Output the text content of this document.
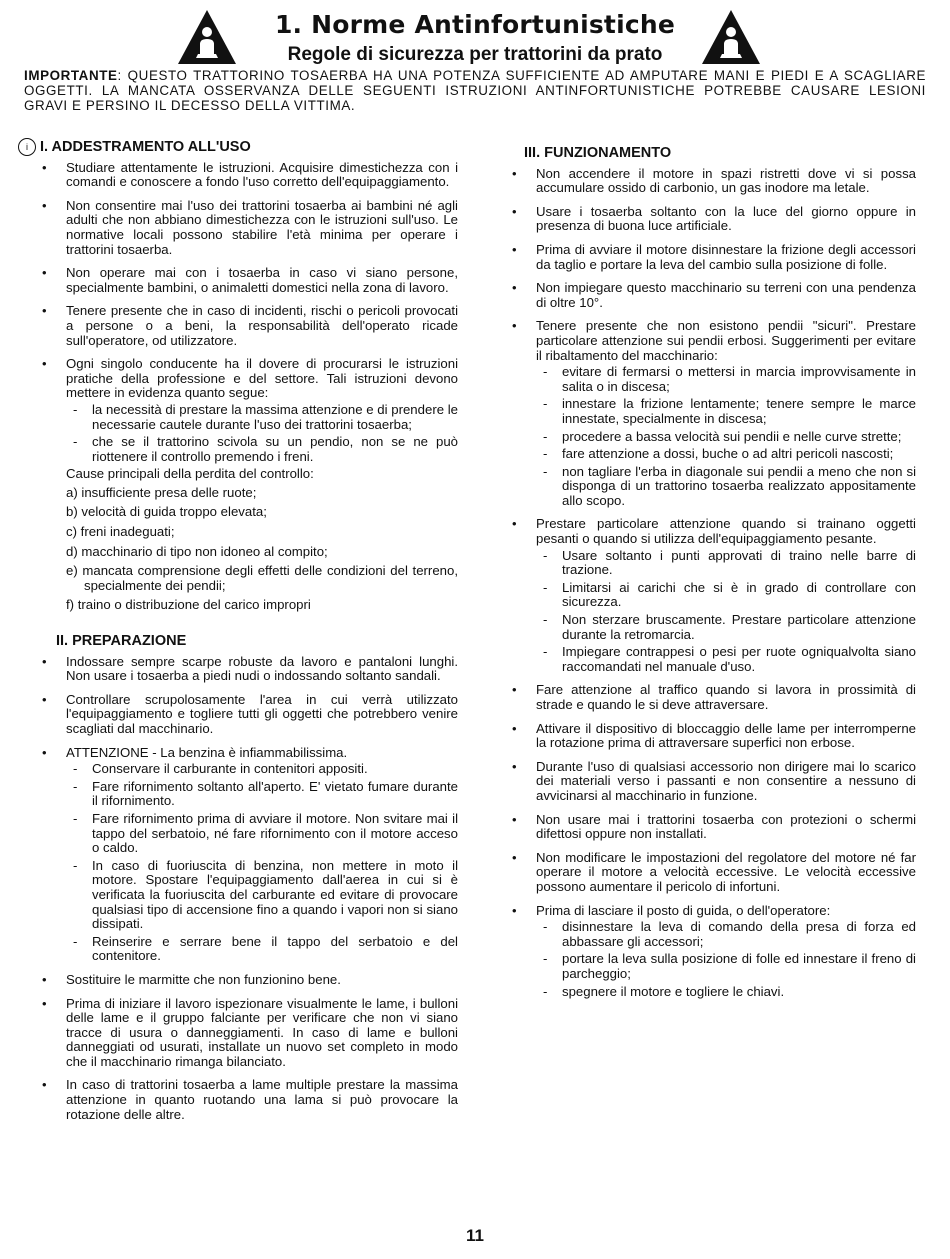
1. Norme Antinfortunistiche
Regole di sicurezza per trattorini da prato
IMPORTANTE: QUESTO TRATTORINO TOSAERBA HA UNA POTENZA SUFFICIENTE AD AMPUTARE MANI E PIEDI E A SCAGLIARE OGGETTI. LA MANCATA OSSERVANZA DELLE SEGUENTI ISTRUZIONI ANTINFORTUNISTICHE POTREBBE CAUSARE LESIONI GRAVI E PERSINO IL DECESSO DELLA VITTIMA.
i I. ADDESTRAMENTO ALL'USO
• Studiare attentamente le istruzioni. Acquisire dimestichezza con i comandi e conoscere a fondo l'uso corretto dell'equipaggiamento.
• Non consentire mai l'uso dei trattorini tosaerba ai bambini né agli adulti che non abbiano dimestichezza con le istruzioni sull'uso. Le normative locali possono stabilire l'età minima per operare i trattorini tosaerba.
• Non operare mai con i tosaerba in caso vi siano persone, specialmente bambini, o animaletti domestici nella zona di lavoro.
• Tenere presente che in caso di incidenti, rischi o pericoli provocati a persone o a beni, la responsabilità dell'operato ricade sull'operatore, od utilizzatore.
• Ogni singolo conducente ha il dovere di procurarsi le istruzioni pratiche della professione e del settore. Tali istruzioni devono mettere in evidenza quanto segue:
- la necessità di prestare la massima attenzione e di prendere le necessarie cautele durante l'uso dei trattorini tosaerba;
- che se il trattorino scivola su un pendio, non se ne può riottenere il controllo premendo i freni.
Cause principali della perdita del controllo:
a) insufficiente presa delle ruote;
b) velocità di guida troppo elevata;
c) freni inadeguati;
d) macchinario di tipo non idoneo al compito;
e) mancata comprensione degli effetti delle condizioni del terreno, specialmente dei pendii;
f) traino o distribuzione del carico impropri
II. PREPARAZIONE
• Indossare sempre scarpe robuste da lavoro e pantaloni lunghi. Non usare i tosaerba a piedi nudi o indossando soltanto sandali.
• Controllare scrupolosamente l'area in cui verrà utilizzato l'equipaggiamento e togliere tutti gli oggetti che potrebbero venire scagliati dal macchinario.
• ATTENZIONE - La benzina è infiammabilissima.
- Conservare il carburante in contenitori appositi.
- Fare rifornimento soltanto all'aperto. E' vietato fumare durante il rifornimento.
- Fare rifornimento prima di avviare il motore. Non svitare mai il tappo del serbatoio, né fare rifornimento con il motore acceso o caldo.
- In caso di fuoriuscita di benzina, non mettere in moto il motore. Spostare l'equipaggiamento dall'aerea in cui si è verificata la fuoriuscita del carburante ed evitare di provocare qualsiasi tipo di accensione fino a quando i vapori non si siano dissipati.
- Reinserire e serrare bene il tappo del serbatoio e del contenitore.
• Sostituire le marmitte che non funzionino bene.
• Prima di iniziare il lavoro ispezionare visualmente le lame, i bulloni delle lame e il gruppo falciante per verificare che non vi siano tracce di usura o danneggiamenti. In caso di lame e bulloni danneggiati od usurati, installate un nuovo set completo in modo che il macchinario rimanga bilanciato.
• In caso di trattorini tosaerba a lame multiple prestare la massima attenzione in quanto ruotando una lama si può provocare la rotazione delle altre.
III. FUNZIONAMENTO
• Non accendere il motore in spazi ristretti dove vi si possa accumulare ossido di carbonio, un gas inodore ma letale.
• Usare i tosaerba soltanto con la luce del giorno oppure in presenza di buona luce artificiale.
• Prima di avviare il motore disinnestare la frizione degli accessori da taglio e portare la leva del cambio sulla posizione di folle.
• Non impiegare questo macchinario su terreni con una pendenza di oltre 10°.
• Tenere presente che non esistono pendii "sicuri". Prestare particolare attenzione sui pendii erbosi. Suggerimenti per evitare il ribaltamento del macchinario:
- evitare di fermarsi o mettersi in marcia improvvisamente in salita o in discesa;
- innestare la frizione lentamente; tenere sempre le marce innestate, specialmente in discesa;
- procedere a bassa velocità sui pendii e nelle curve strette;
- fare attenzione a dossi, buche o ad altri pericoli nascosti;
- non tagliare l'erba in diagonale sui pendii a meno che non si disponga di un trattorino tosaerba realizzato appositamente allo scopo.
• Prestare particolare attenzione quando si trainano oggetti pesanti o quando si utilizza dell'equipaggiamento pesante.
- Usare soltanto i punti approvati di traino nelle barre di trazione.
- Limitarsi ai carichi che si è in grado di controllare con sicurezza.
- Non sterzare bruscamente. Prestare particolare attenzione durante la retromarcia.
- Impiegare contrappesi o pesi per ruote ogniqualvolta siano raccomandati nel manuale d'uso.
• Fare attenzione al traffico quando si lavora in prossimità di strade e quando le si deve attraversare.
• Attivare il dispositivo di bloccaggio delle lame per interromperne la rotazione prima di attraversare superfici non erbose.
• Durante l'uso di qualsiasi accessorio non dirigere mai lo scarico dei materiali verso i passanti e non consentire a nessuno di avvicinarsi al macchinario in funzione.
• Non usare mai i trattorini tosaerba con protezioni o schermi difettosi oppure non installati.
• Non modificare le impostazioni del regolatore del motore né far operare il motore a velocità eccessive. Le velocità eccessive possono aumentare il pericolo di infortuni.
• Prima di lasciare il posto di guida, o dell'operatore:
- disinnestare la leva di comando della presa di forza ed abbassare gli accessori;
- portare la leva sulla posizione di folle ed innestare il freno di parcheggio;
- spegnere il motore e togliere le chiavi.
11
